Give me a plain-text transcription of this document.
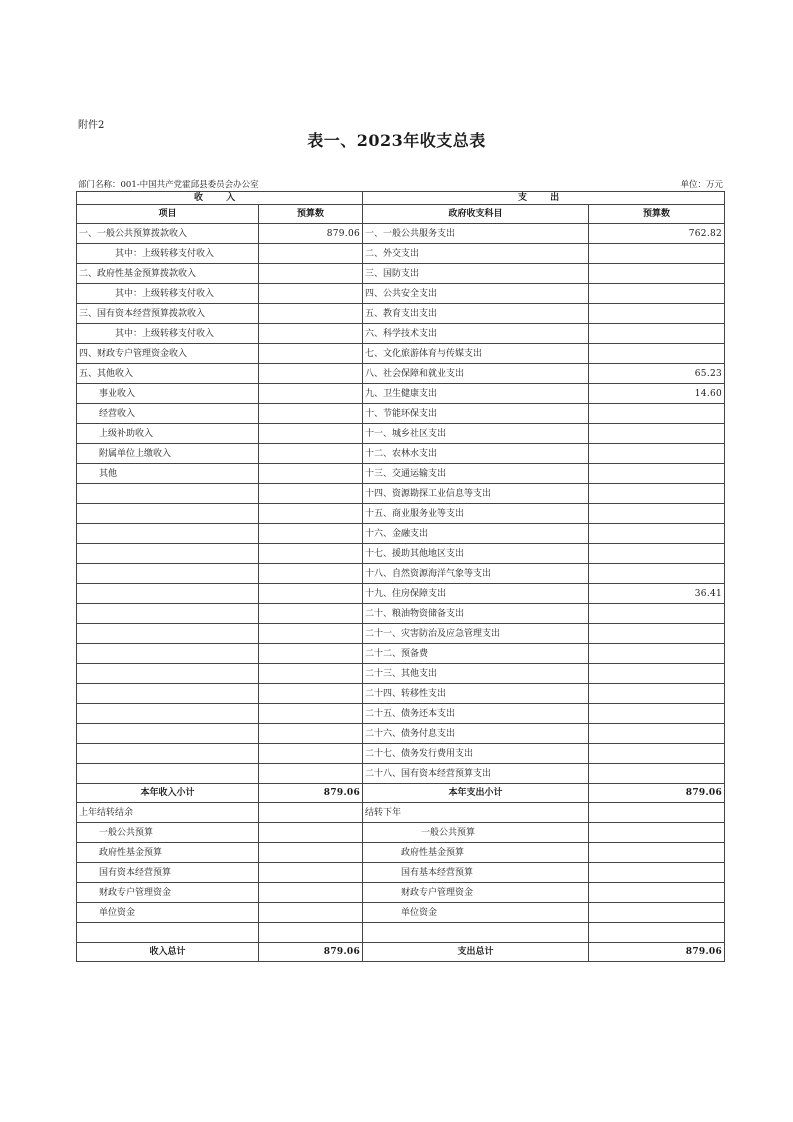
附件2
表一、2023年收支总表
部门名称：001-中国共产党霍邱县委员会办公室	单位：万元
收 入		支 出	
项目	预算数	政府收支科目	预算数
一、一般公共预算拨款收入	879.06	一、一般公共服务支出	762.82
其中：上级转移支付收入		二、外交支出	
二、政府性基金预算拨款收入		三、国防支出	
其中：上级转移支付收入		四、公共安全支出	
三、国有资本经营预算拨款收入		五、教育支出支出	
其中：上级转移支付收入		六、科学技术支出	
四、财政专户管理资金收入		七、文化旅游体育与传媒支出	
五、其他收入		八、社会保障和就业支出	65.23
事业收入		九、卫生健康支出	14.60
经营收入		十、节能环保支出	
上级补助收入		十一、城乡社区支出	
附属单位上缴收入		十二、农林水支出	
其他		十三、交通运输支出	
		十四、资源勘探工业信息等支出	
		十五、商业服务业等支出	
		十六、金融支出	
		十七、援助其他地区支出	
		十八、自然资源海洋气象等支出	
		十九、住房保障支出	36.41
		二十、粮油物资储备支出	
		二十一、灾害防治及应急管理支出	
		二十二、预备费	
		二十三、其他支出	
		二十四、转移性支出	
		二十五、债务还本支出	
		二十六、债务付息支出	
		二十七、债务发行费用支出	
		二十八、国有资本经营预算支出	
本年收入小计	879.06	本年支出小计	879.06
上年结转结余		结转下年	
一般公共预算		一般公共预算	
政府性基金预算		政府性基金预算	
国有资本经营预算		国有基本经营预算	
财政专户管理资金		财政专户管理资金	
单位资金		单位资金	

收入总计	879.06	支出总计	879.06
